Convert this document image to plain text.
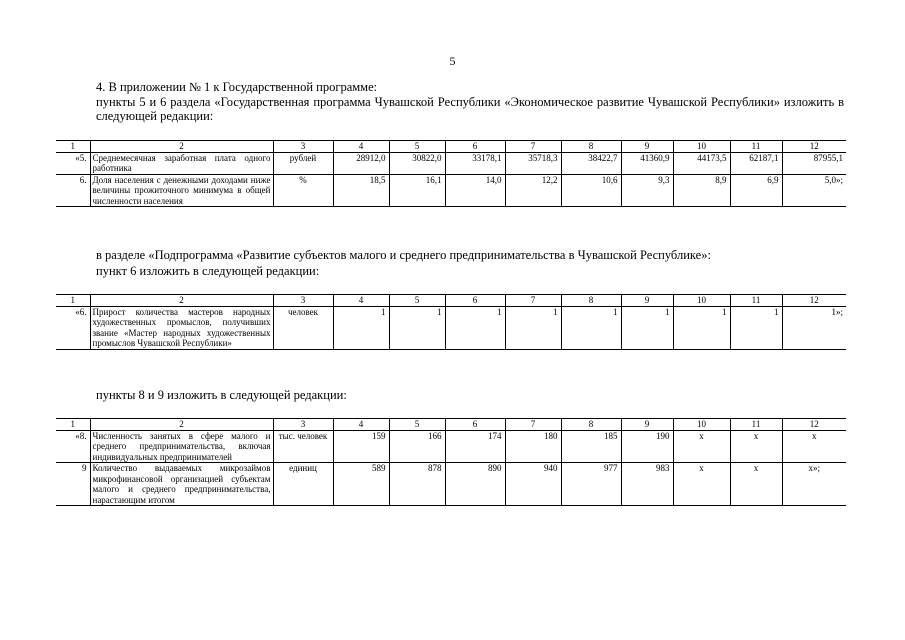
5
4. В приложении № 1 к Государственной программе:
пункты 5 и 6 раздела «Государственная программа Чувашской Республики «Экономическое развитие Чувашской Республики» изложить в следующей редакции:
1	2	3	4	5	6	7	8	9	10	11	12
«5.	Среднемесячная заработная плата одного работника	рублей	28912,0	30822,0	33178,1	35718,3	38422,7	41360,9	44173,5	62187,1	87955,1
6.	Доля населения с денежными доходами ниже величины прожиточного минимума в общей численности населения	%	18,5	16,1	14,0	12,2	10,6	9,3	8,9	6,9	5,0»;
в разделе «Подпрограмма «Развитие субъектов малого и среднего предпринимательства в Чувашской Республике»:
пункт 6 изложить в следующей редакции:
1	2	3	4	5	6	7	8	9	10	11	12
«6.	Прирост количества мастеров народных художественных промыслов, получивших звание «Мастер народных художественных промыслов Чувашской Республики»	человек	1	1	1	1	1	1	1	1	1»;
пункты 8 и 9 изложить в следующей редакции:
1	2	3	4	5	6	7	8	9	10	11	12
«8.	Численность занятых в сфере малого и среднего предпринимательства, включая индивидуальных предпринимателей	тыс. человек	159	166	174	180	185	190	x	x	x
9	Количество выдаваемых микрозаймов микрофинансовой организацией субъектам малого и среднего предпринимательства, нарастающим итогом	единиц	589	878	890	940	977	983	x	x	x»;
